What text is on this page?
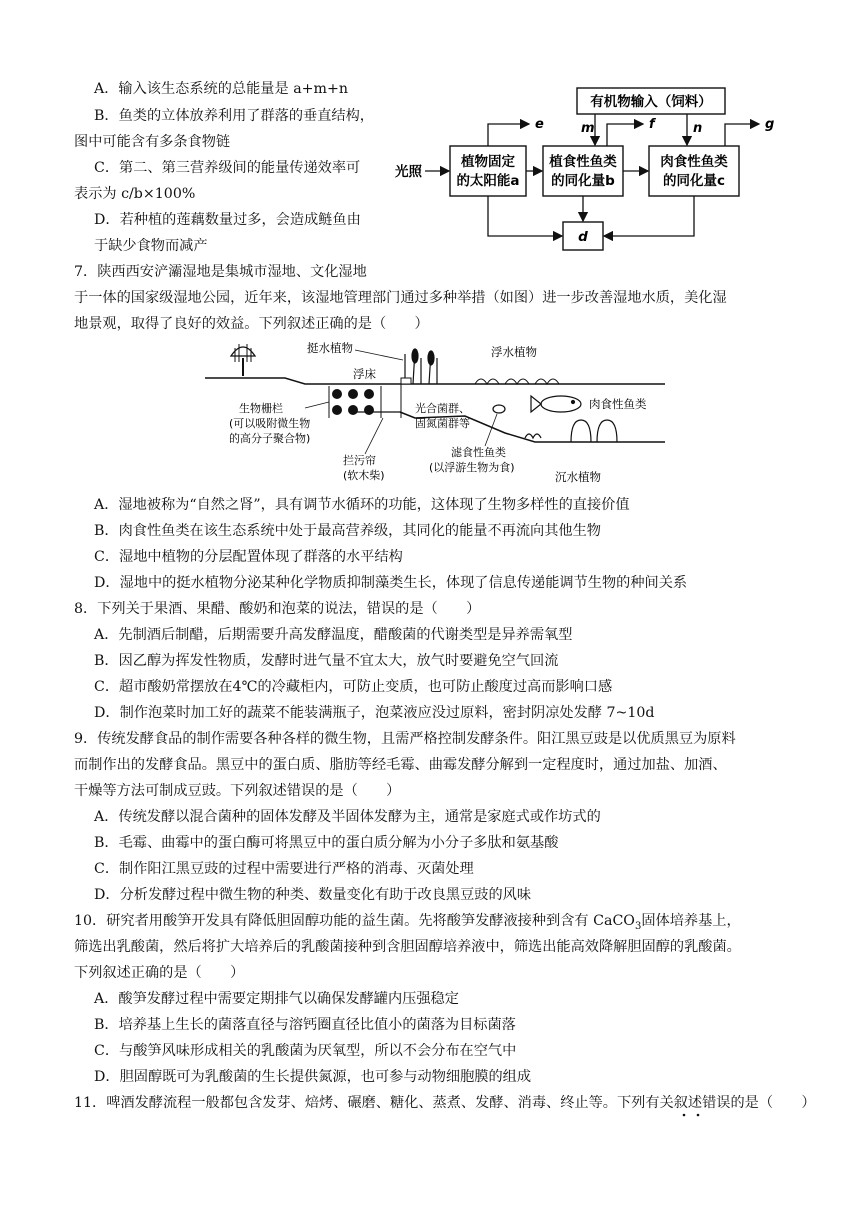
A．输入该生态系统的总能量是 a+m+n
B．鱼类的立体放养利用了群落的垂直结构，
图中可能含有多条食物链
C．第二、第三营养级间的能量传递效率可
表示为 c/b×100%
D．若种植的莲藕数量过多，会造成鲢鱼由
于缺少食物而减产
有机物输入（饲料）
植物固定
的太阳能a
植食性鱼类
的同化量b
肉食性鱼类
的同化量c
d
光照
e	m	f	n	g
7．陕西西安浐灞湿地是集城市湿地、文化湿地
于一体的国家级湿地公园，近年来，该湿地管理部门通过多种举措（如图）进一步改善湿地水质，美化湿
地景观，取得了良好的效益。下列叙述正确的是（　　）
挺水植物
浮床
浮水植物
生物栅栏
(可以吸附微生物
的高分子聚合物)
光合菌群、
固氮菌群等
肉食性鱼类
拦污帘
(软木柴)
滤食性鱼类
(以浮游生物为食)
沉水植物
A．湿地被称为“自然之肾”，具有调节水循环的功能，这体现了生物多样性的直接价值
B．肉食性鱼类在该生态系统中处于最高营养级，其同化的能量不再流向其他生物
C．湿地中植物的分层配置体现了群落的水平结构
D．湿地中的挺水植物分泌某种化学物质抑制藻类生长，体现了信息传递能调节生物的种间关系
8．下列关于果酒、果醋、酸奶和泡菜的说法，错误的是（　　）
A．先制酒后制醋，后期需要升高发酵温度，醋酸菌的代谢类型是异养需氧型
B．因乙醇为挥发性物质，发酵时进气量不宜太大，放气时要避免空气回流
C．超市酸奶常摆放在4℃的冷藏柜内，可防止变质，也可防止酸度过高而影响口感
D．制作泡菜时加工好的蔬菜不能装满瓶子，泡菜液应没过原料，密封阴凉处发酵 7~10d
9．传统发酵食品的制作需要各种各样的微生物，且需严格控制发酵条件。阳江黑豆豉是以优质黑豆为原料
而制作出的发酵食品。黑豆中的蛋白质、脂肪等经毛霉、曲霉发酵分解到一定程度时，通过加盐、加酒、
干燥等方法可制成豆豉。下列叙述错误的是（　　）
A．传统发酵以混合菌种的固体发酵及半固体发酵为主，通常是家庭式或作坊式的
B．毛霉、曲霉中的蛋白酶可将黑豆中的蛋白质分解为小分子多肽和氨基酸
C．制作阳江黑豆豉的过程中需要进行严格的消毒、灭菌处理
D．分析发酵过程中微生物的种类、数量变化有助于改良黑豆豉的风味
10．研究者用酸笋开发具有降低胆固醇功能的益生菌。先将酸笋发酵液接种到含有 CaCO$_3$固体培养基上，
筛选出乳酸菌，然后将扩大培养后的乳酸菌接种到含胆固醇培养液中，筛选出能高效降解胆固醇的乳酸菌。
下列叙述正确的是（　　）
A．酸笋发酵过程中需要定期排气以确保发酵罐内压强稳定
B．培养基上生长的菌落直径与溶钙圈直径比值小的菌落为目标菌落
C．与酸笋风味形成相关的乳酸菌为厌氧型，所以不会分布在空气中
D．胆固醇既可为乳酸菌的生长提供氮源，也可参与动物细胞膜的组成
11．啤酒发酵流程一般都包含发芽、焙烤、碾磨、糖化、蒸煮、发酵、消毒、终止等。下列有关叙述错误的是（　　）
